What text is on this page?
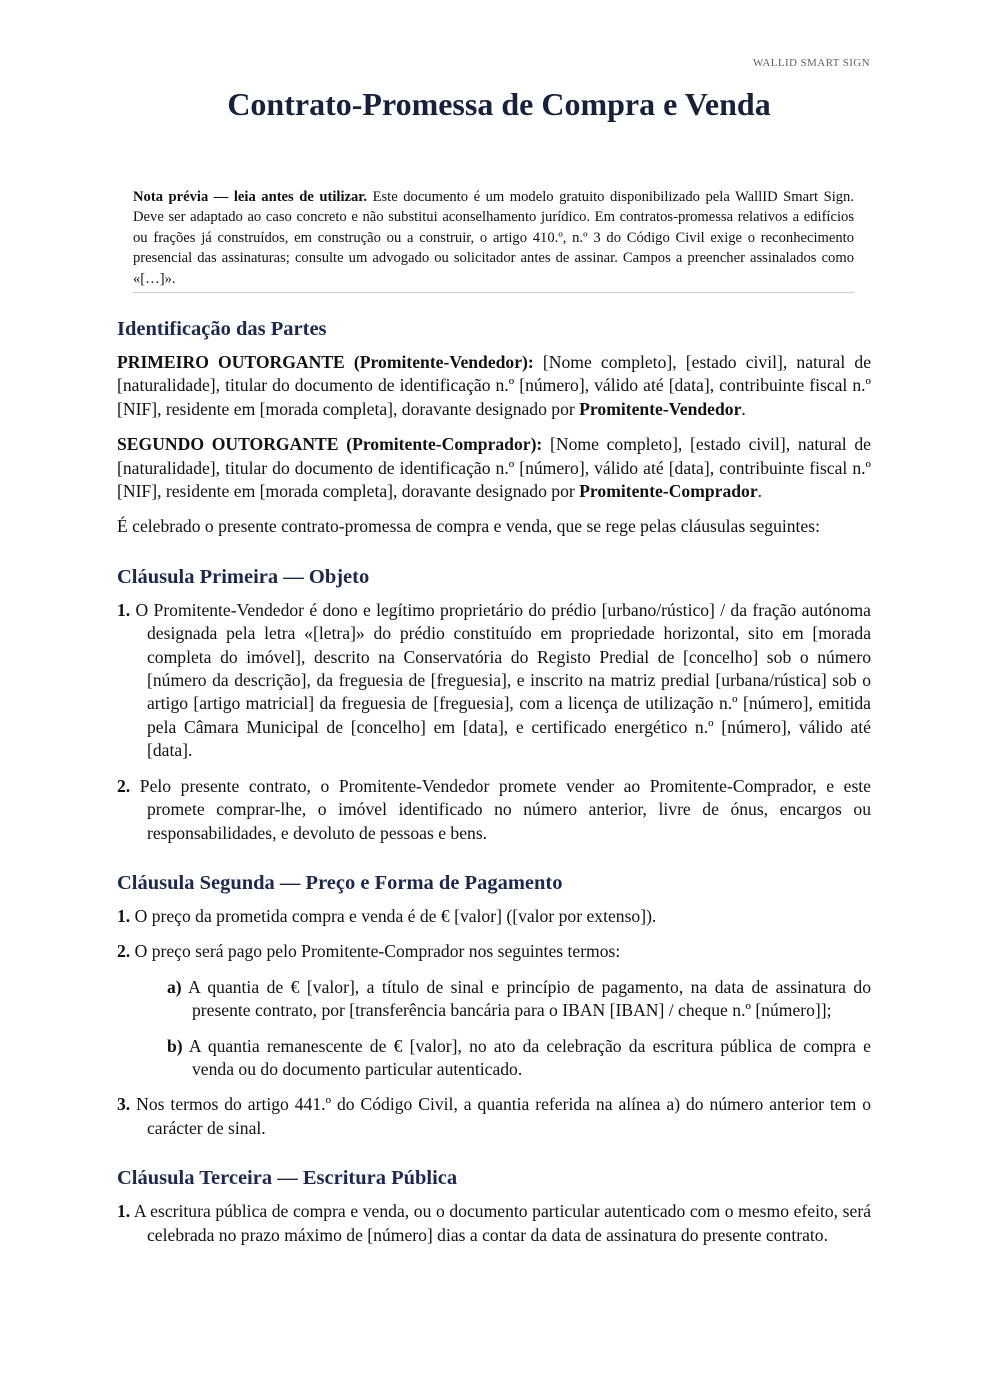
WALLID SMART SIGN
Contrato-Promessa de Compra e Venda
Nota prévia — leia antes de utilizar. Este documento é um modelo gratuito disponibilizado pela WallID Smart Sign. Deve ser adaptado ao caso concreto e não substitui aconselhamento jurídico. Em contratos-promessa relativos a edifícios ou frações já construídos, em construção ou a construir, o artigo 410.º, n.º 3 do Código Civil exige o reconhecimento presencial das assinaturas; consulte um advogado ou solicitador antes de assinar. Campos a preencher assinalados como «[…]».
Identificação das Partes

PRIMEIRO OUTORGANTE (Promitente-Vendedor): [Nome completo], [estado civil], natural de [naturalidade], titular do documento de identificação n.º [número], válido até [data], contribuinte fiscal n.º [NIF], residente em [morada completa], doravante designado por Promitente-Vendedor.

SEGUNDO OUTORGANTE (Promitente-Comprador): [Nome completo], [estado civil], natural de [naturalidade], titular do documento de identificação n.º [número], válido até [data], contribuinte fiscal n.º [NIF], residente em [morada completa], doravante designado por Promitente-Comprador.

É celebrado o presente contrato-promessa de compra e venda, que se rege pelas cláusulas seguintes:

Cláusula Primeira — Objeto
1. O Promitente-Vendedor é dono e legítimo proprietário do prédio [urbano/rústico] / da fração autónoma designada pela letra «[letra]» do prédio constituído em propriedade horizontal, sito em [morada completa do imóvel], descrito na Conservatória do Registo Predial de [concelho] sob o número [número da descrição], da freguesia de [freguesia], e inscrito na matriz predial [urbana/rústica] sob o artigo [artigo matricial] da freguesia de [freguesia], com a licença de utilização n.º [número], emitida pela Câmara Municipal de [concelho] em [data], e certificado energético n.º [número], válido até [data].
2. Pelo presente contrato, o Promitente-Vendedor promete vender ao Promitente-Comprador, e este promete comprar-lhe, o imóvel identificado no número anterior, livre de ónus, encargos ou responsabilidades, e devoluto de pessoas e bens.
Cláusula Segunda — Preço e Forma de Pagamento
1. O preço da prometida compra e venda é de € [valor] ([valor por extenso]).
2. O preço será pago pelo Promitente-Comprador nos seguintes termos:
a) A quantia de € [valor], a título de sinal e princípio de pagamento, na data de assinatura do presente contrato, por [transferência bancária para o IBAN [IBAN] / cheque n.º [número]];
b) A quantia remanescente de € [valor], no ato da celebração da escritura pública de compra e venda ou do documento particular autenticado.
3. Nos termos do artigo 441.º do Código Civil, a quantia referida na alínea a) do número anterior tem o carácter de sinal.
Cláusula Terceira — Escritura Pública
1. A escritura pública de compra e venda, ou o documento particular autenticado com o mesmo efeito, será celebrada no prazo máximo de [número] dias a contar da data de assinatura do presente contrato.
